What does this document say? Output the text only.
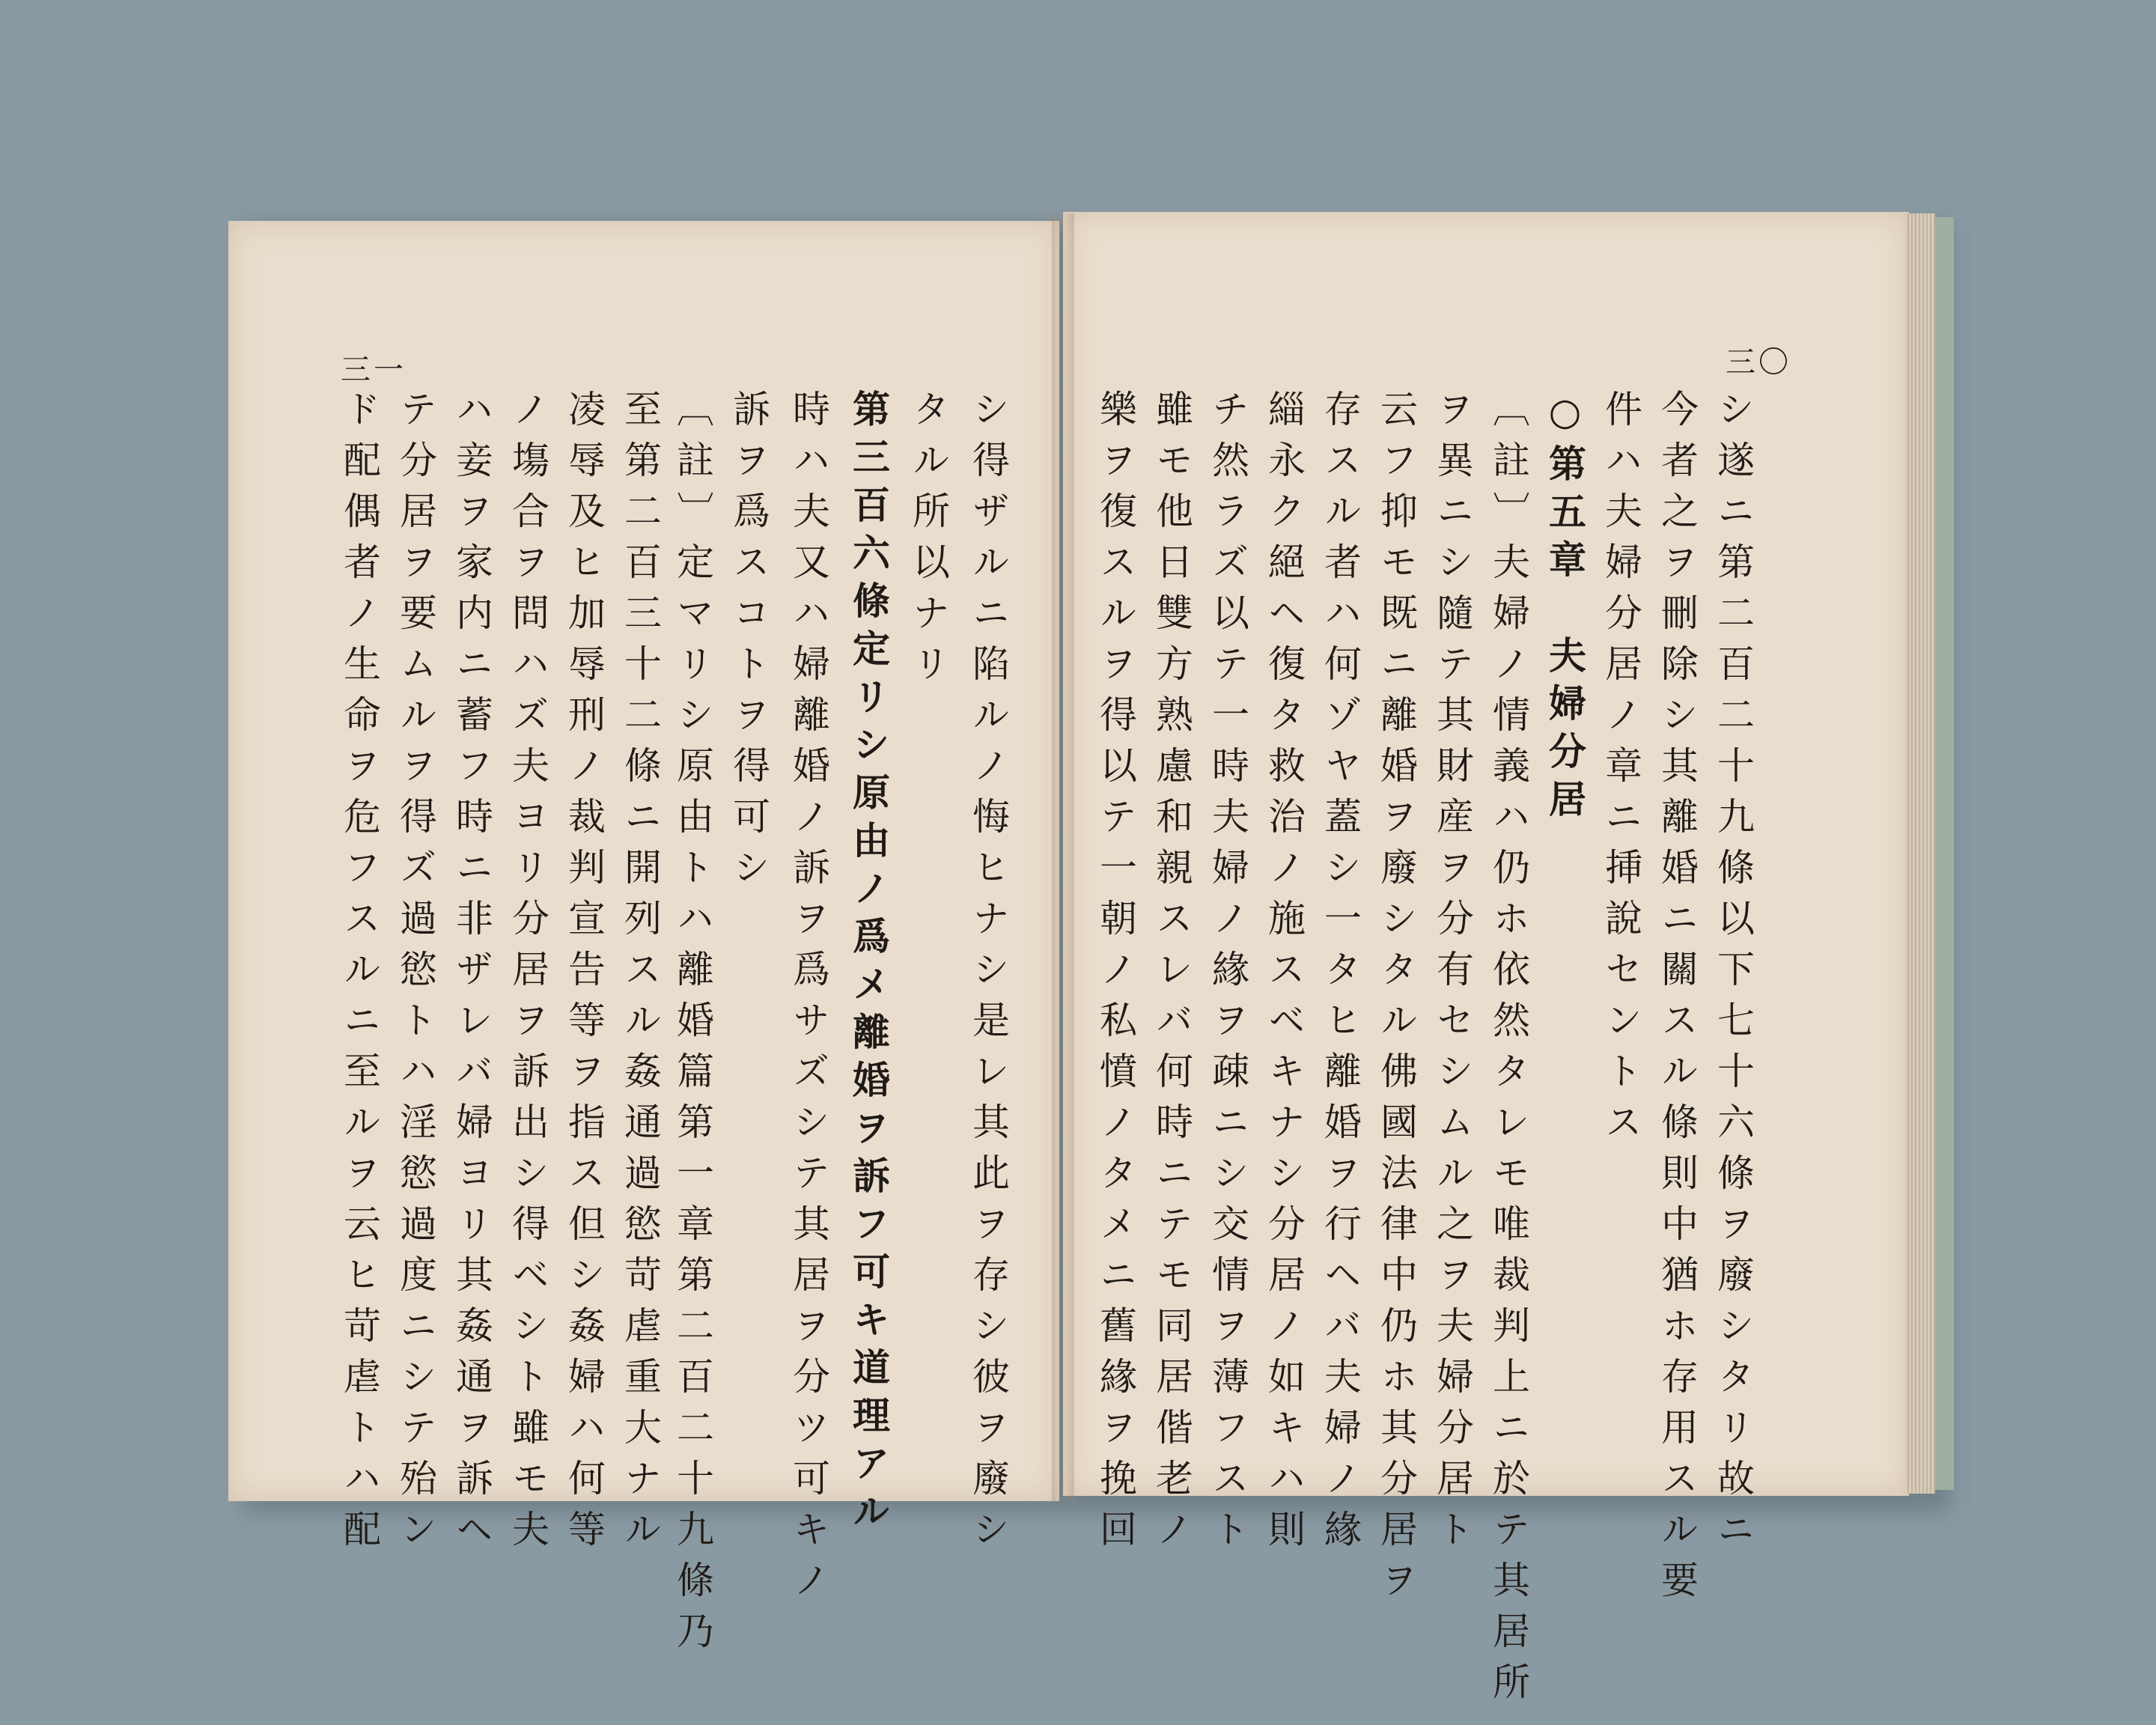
三一	三〇
シ得ザルニ陷ルノ悔ヒナシ是レ其此ヲ存シ彼ヲ廢シ
タル所以ナリ
第三百六條定リシ原由ノ爲メ離婚ヲ訴フ可キ道理アル
時ハ夫又ハ婦離婚ノ訴ヲ爲サズシテ其居ヲ分ツ可キノ
訴ヲ爲スコトヲ得可シ
〔註〕定マリシ原由トハ離婚篇第一章第二百二十九條乃
至第二百三十二條ニ開列スル姦通過慾苛虐重大ナル
凌辱及ヒ加辱刑ノ裁判宣告等ヲ指ス但シ姦婦ハ何等
ノ塲合ヲ問ハズ夫ヨリ分居ヲ訴出シ得ベシト雖モ夫
ハ妾ヲ家内ニ蓄フ時ニ非ザレバ婦ヨリ其姦通ヲ訴ヘ
テ分居ヲ要ムルヲ得ズ過慾トハ淫慾過度ニシテ殆ン
ド配偶者ノ生命ヲ危フスルニ至ルヲ云ヒ苛虐トハ配	シ遂ニ第二百二十九條以下七十六條ヲ廢シタリ故ニ
今者之ヲ刪除シ其離婚ニ關スル條則中猶ホ存用スル要
件ハ夫婦分居ノ章ニ挿說セントス
○第五章　夫婦分居
〔註〕夫婦ノ情義ハ仍ホ依然タレモ唯裁判上ニ於テ其居所
ヲ異ニシ隨テ其財産ヲ分有セシムル之ヲ夫婦分居ト
云フ抑モ既ニ離婚ヲ廢シタル佛國法律中仍ホ其分居ヲ
存スル者ハ何ゾヤ蓋シ一タヒ離婚ヲ行ヘバ夫婦ノ緣
緇永ク絕ヘ復タ救治ノ施スベキナシ分居ノ如キハ則
チ然ラズ以テ一時夫婦ノ緣ヲ疎ニシ交情ヲ薄フスト
雖モ他日雙方熟慮和親スレバ何時ニテモ同居偕老ノ
樂ヲ復スルヲ得以テ一朝ノ私憤ノタメニ舊緣ヲ挽回
